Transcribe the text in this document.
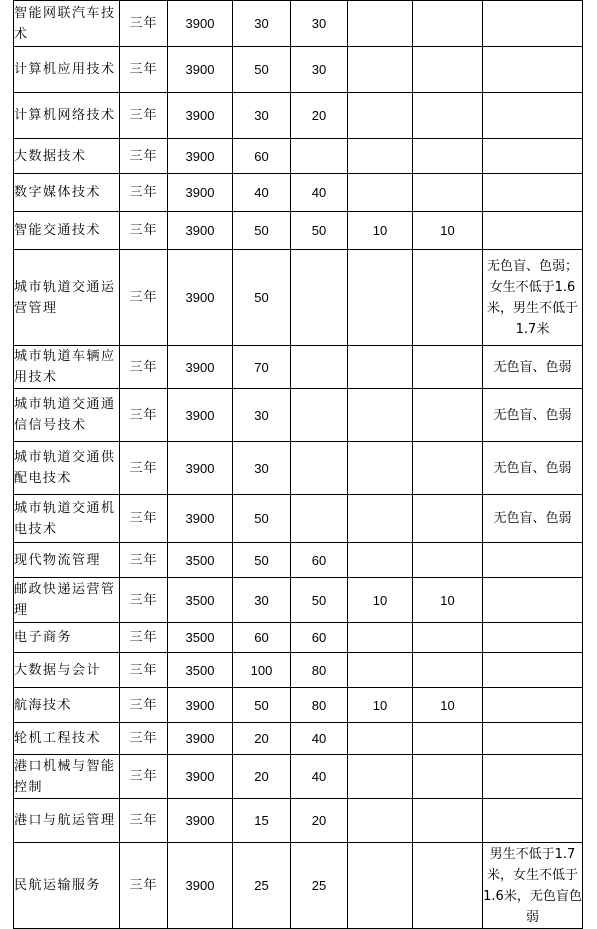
智能网联汽车技术	三年	3900	30	30			
计算机应用技术	三年	3900	50	30			
计算机网络技术	三年	3900	30	20			
大数据技术	三年	3900	60				
数字媒体技术	三年	3900	40	40			
智能交通技术	三年	3900	50	50	10	10	
城市轨道交通运营管理	三年	3900	50				无色盲、色弱；女生不低于1.6米，男生不低于1.7米
城市轨道车辆应用技术	三年	3900	70				无色盲、色弱
城市轨道交通通信信号技术	三年	3900	30				无色盲、色弱
城市轨道交通供配电技术	三年	3900	30				无色盲、色弱
城市轨道交通机电技术	三年	3900	50				无色盲、色弱
现代物流管理	三年	3500	50	60			
邮政快递运营管理	三年	3500	30	50	10	10	
电子商务	三年	3500	60	60			
大数据与会计	三年	3500	100	80			
航海技术	三年	3900	50	80	10	10	
轮机工程技术	三年	3900	20	40			
港口机械与智能控制	三年	3900	20	40			
港口与航运管理	三年	3900	15	20			
民航运输服务	三年	3900	25	25			男生不低于1.7米，女生不低于1.6米，无色盲色弱
